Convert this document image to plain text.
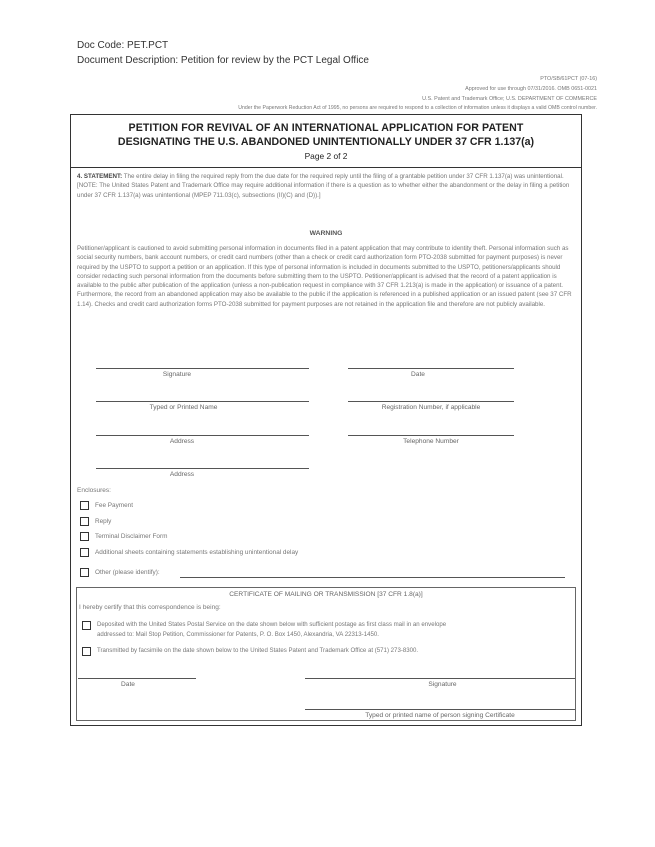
Doc Code: PET.PCT
Document Description: Petition for review by the PCT Legal Office
PTO/SB/61PCT (07-16)
Approved for use through 07/31/2016. OMB 0651-0021
U.S. Patent and Trademark Office; U.S. DEPARTMENT OF COMMERCE
Under the Paperwork Reduction Act of 1995, no persons are required to respond to a collection of information unless it displays a valid OMB control number.
PETITION FOR REVIVAL OF AN INTERNATIONAL APPLICATION FOR PATENT
DESIGNATING THE U.S. ABANDONED UNINTENTIONALLY UNDER 37 CFR 1.137(a)
Page 2 of 2
4. STATEMENT: The entire delay in filing the required reply from the due date for the required reply until the filing of a grantable petition under 37 CFR 1.137(a) was unintentional. [NOTE: The United States Patent and Trademark Office may require additional information if there is a question as to whether either the abandonment or the delay in filing a petition under 37 CFR 1.137(a) was unintentional (MPEP 711.03(c), subsections (II)(C) and (D)).]
WARNING
Petitioner/applicant is cautioned to avoid submitting personal information in documents filed in a patent application that may contribute to identity theft. Personal information such as social security numbers, bank account numbers, or credit card numbers (other than a check or credit card authorization form PTO-2038 submitted for payment purposes) is never required by the USPTO to support a petition or an application. If this type of personal information is included in documents submitted to the USPTO, petitioners/applicants should consider redacting such personal information from the documents before submitting them to the USPTO. Petitioner/applicant is advised that the record of a patent application is available to the public after publication of the application (unless a non-publication request in compliance with 37 CFR 1.213(a) is made in the application) or issuance of a patent. Furthermore, the record from an abandoned application may also be available to the public if the application is referenced in a published application or an issued patent (see 37 CFR 1.14). Checks and credit card authorization forms PTO-2038 submitted for payment purposes are not retained in the application file and therefore are not publicly available.
Signature	Date
Typed or Printed Name	Registration Number, if applicable
Address	Telephone Number
Address
Enclosures:
Fee Payment
Reply
Terminal Disclaimer Form
Additional sheets containing statements establishing unintentional delay
Other (please identify):
CERTIFICATE OF MAILING OR TRANSMISSION [37 CFR 1.8(a)]
I hereby certify that this correspondence is being:
Deposited with the United States Postal Service on the date shown below with sufficient postage as first class mail in an envelope
addressed to: Mail Stop Petition, Commissioner for Patents, P. O. Box 1450, Alexandria, VA 22313-1450.
Transmitted by facsimile on the date shown below to the United States Patent and Trademark Office at (571) 273-8300.
Date	Signature
Typed or printed name of person signing Certificate
